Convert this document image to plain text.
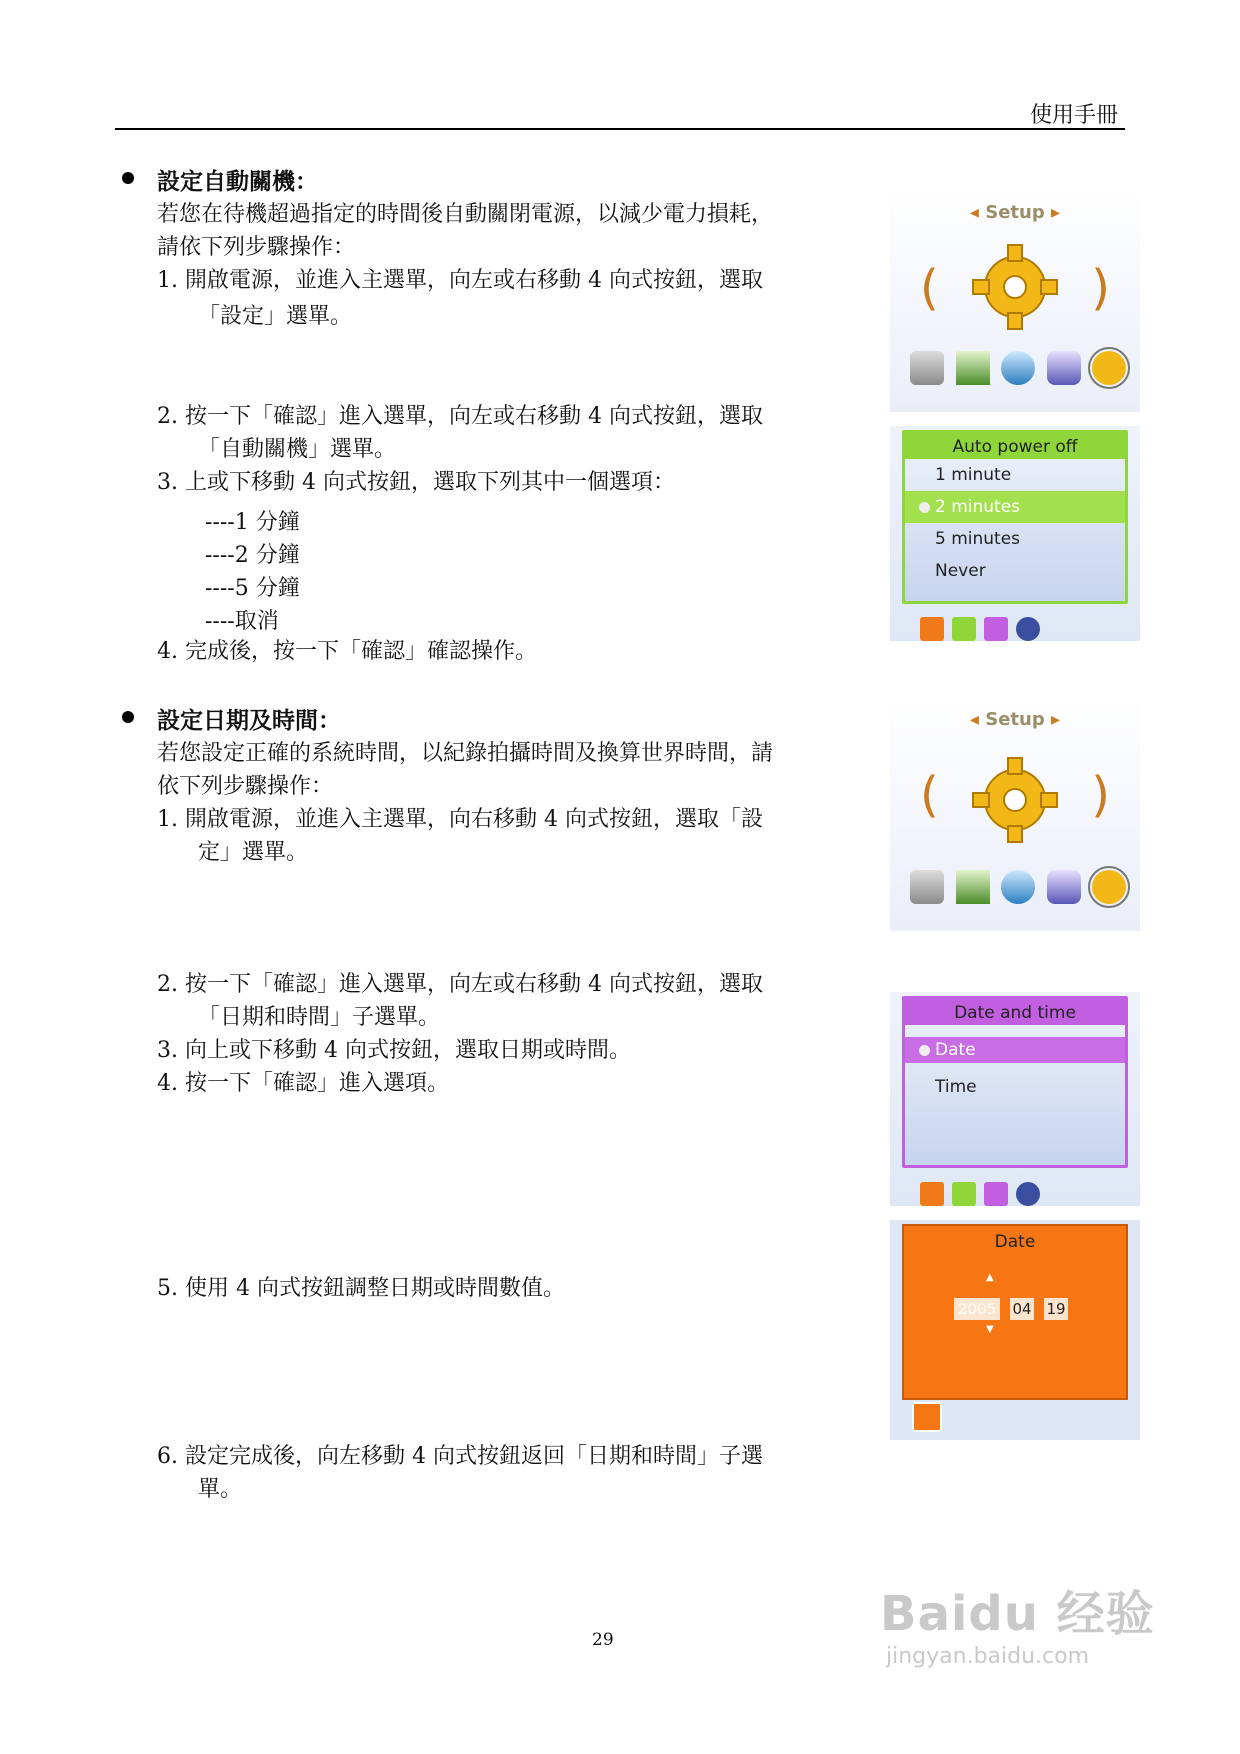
使用手冊
設定自動關機：
若您在待機超過指定的時間後自動關閉電源，以減少電力損耗，
請依下列步驟操作：
1. 開啟電源，並進入主選單，向左或右移動 4 向式按鈕，選取
「設定」選單。
2. 按一下「確認」進入選單，向左或右移動 4 向式按鈕，選取
「自動關機」選單。
3. 上或下移動 4 向式按鈕，選取下列其中一個選項：
----1 分鐘
----2 分鐘
----5 分鐘
----取消
4. 完成後，按一下「確認」確認操作。
設定日期及時間：
若您設定正確的系統時間，以紀錄拍攝時間及換算世界時間，請
依下列步驟操作：
1. 開啟電源，並進入主選單，向右移動 4 向式按鈕，選取「設
定」選單。
2. 按一下「確認」進入選單，向左或右移動 4 向式按鈕，選取
「日期和時間」子選單。
3. 向上或下移動 4 向式按鈕，選取日期或時間。
4. 按一下「確認」進入選項。
5. 使用 4 向式按鈕調整日期或時間數值。
6. 設定完成後，向左移動 4 向式按鈕返回「日期和時間」子選
單。
◂ Setup ▸
(	)
Auto power off
1 minute
2 minutes
5 minutes
Never
◂ Setup ▸
(	)
Date and time
Date
Time
Date
▲
2005
▼
04 19
29	Baidu 经验
jingyan.baidu.com
